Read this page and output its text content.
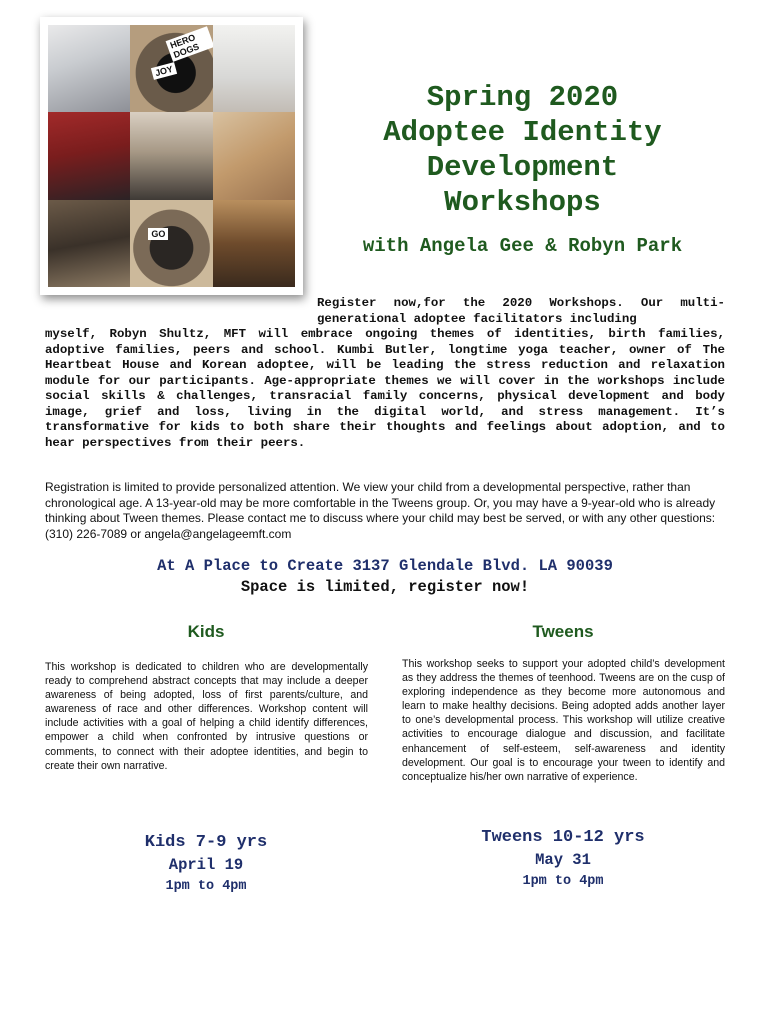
HERO DOGS
JOY
GO
Spring 2020
Adoptee Identity
Development
Workshops
with Angela Gee & Robyn Park
Register now,for the 2020 Workshops. Our multi-generational adoptee facilitators including
myself, Robyn Shultz, MFT will embrace ongoing themes of identities, birth families, adoptive families, peers and school. Kumbi Butler, longtime yoga teacher, owner of The Heartbeat House and Korean adoptee, will be leading the stress reduction and relaxation module for our participants. Age-appropriate themes we will cover in the workshops include social skills & challenges, transracial family concerns, physical development and body image, grief and loss, living in the digital world, and stress management. It’s transformative for kids to both share their thoughts and feelings about adoption, and to hear perspectives from their peers.

Registration is limited to provide personalized attention. We view your child from a developmental perspective, rather than chronological age. A 13-year-old may be more comfortable in the Tweens group. Or, you may have a 9-year-old who is already thinking about Tween themes. Please contact me to discuss where your child may best be served, or with any other questions: (310) 226-7089 or angela@angelageemft.com

At A Place to Create 3137 Glendale Blvd. LA 90039
Space is limited, register now!
Kids	Tweens

This workshop is dedicated to children who are developmentally ready to comprehend abstract concepts that may include a deeper awareness of being adopted, loss of first parents/culture, and awareness of race and other differences. Workshop content will include activities with a goal of helping a child identify differences, empower a child when confronted by intrusive questions or comments, to connect with their adoptee identities, and begin to create their own narrative.

This workshop seeks to support your adopted child’s development as they address the themes of teenhood. Tweens are on the cusp of exploring independence as they become more autonomous and learn to make healthy decisions. Being adopted adds another layer to one’s developmental process. This workshop will utilize creative activities to encourage dialogue and discussion, and facilitate enhancement of self-esteem, self-awareness and identity development. Our goal is to encourage your tween to identify and conceptualize his/her own narrative of experience.

Kids 7-9 yrs
April 19
1pm to 4pm
Tweens 10-12 yrs
May 31
1pm to 4pm
